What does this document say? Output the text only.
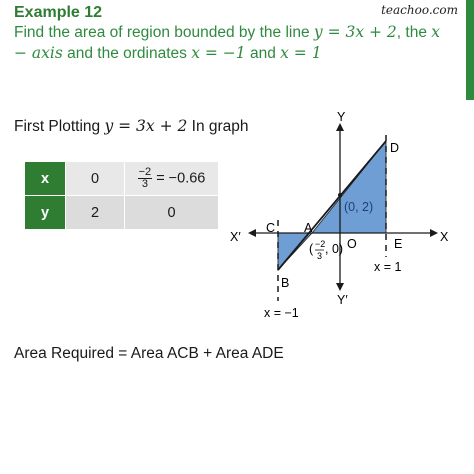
Example 12	teachoo.com
Find the area of region bounded by the line y = 3x + 2, the x − axis and the ordinates x = −1 and x = 1
First Plotting y = 3x + 2 In graph
x	0	$\frac{-2}{3} = -0.66$
y	2	0
X
X′
Y
Y′
O
C A
B
D
E
(0, 2)
( −2
3 , 0)
x = 1
x = −1
Area Required = Area ACB + Area ADE
